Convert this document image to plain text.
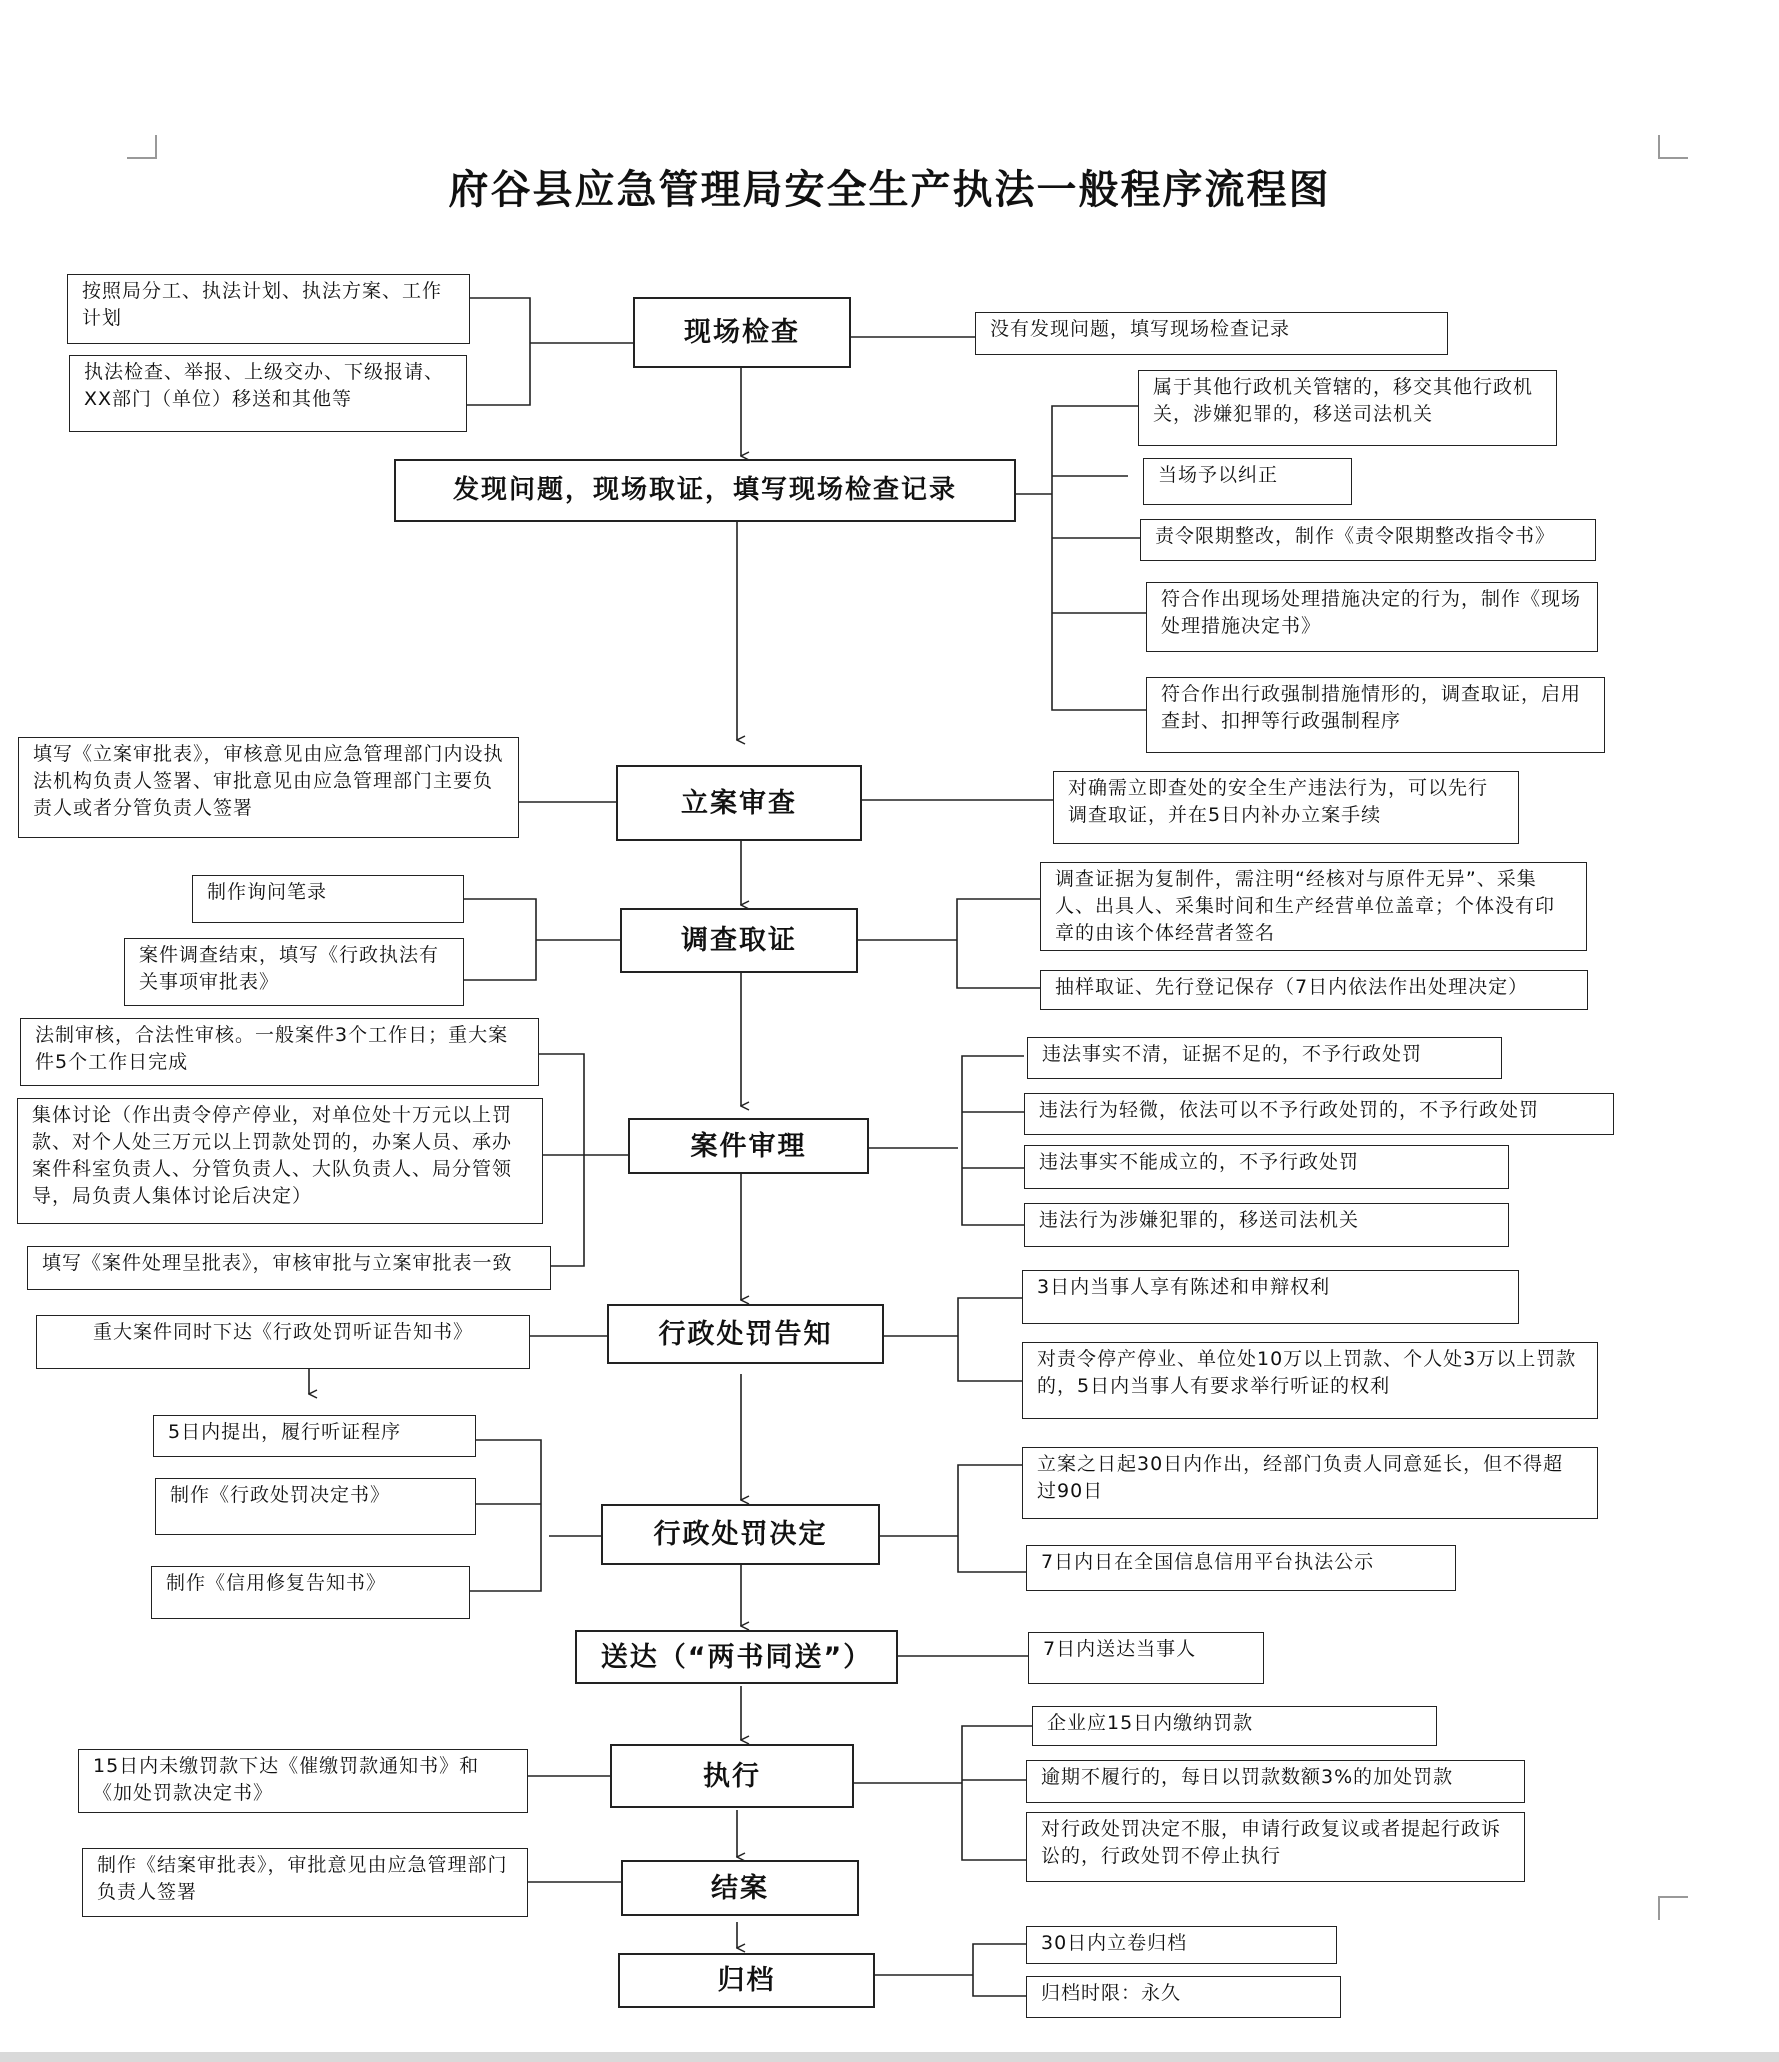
府谷县应急管理局安全生产执法一般程序流程图
现场检查
发现问题，现场取证，填写现场检查记录
立案审查
调查取证
案件审理
行政处罚告知
行政处罚决定
送达（“两书同送”）
执行
结案
归档
按照局分工、执法计划、执法方案、工作计划
执法检查、举报、上级交办、下级报请、XX部门（单位）移送和其他等
没有发现问题，填写现场检查记录
属于其他行政机关管辖的，移交其他行政机关，涉嫌犯罪的，移送司法机关
当场予以纠正
责令限期整改，制作《责令限期整改指令书》
符合作出现场处理措施决定的行为，制作《现场处理措施决定书》
符合作出行政强制措施情形的，调查取证，启用查封、扣押等行政强制程序
填写《立案审批表》，审核意见由应急管理部门内设执法机构负责人签署、审批意见由应急管理部门主要负责人或者分管负责人签署
对确需立即查处的安全生产违法行为，可以先行调查取证，并在5日内补办立案手续
制作询问笔录
案件调查结束，填写《行政执法有关事项审批表》
调查证据为复制件，需注明“经核对与原件无异”、采集人、出具人、采集时间和生产经营单位盖章；个体没有印章的由该个体经营者签名
抽样取证、先行登记保存（7日内依法作出处理决定）
法制审核，合法性审核。一般案件3个工作日；重大案件5个工作日完成
集体讨论（作出责令停产停业，对单位处十万元以上罚款、对个人处三万元以上罚款处罚的，办案人员、承办案件科室负责人、分管负责人、大队负责人、局分管领导，局负责人集体讨论后决定）
填写《案件处理呈批表》，审核审批与立案审批表一致
违法事实不清，证据不足的，不予行政处罚
违法行为轻微，依法可以不予行政处罚的，不予行政处罚
违法事实不能成立的，不予行政处罚
违法行为涉嫌犯罪的，移送司法机关
重大案件同时下达《行政处罚听证告知书》
3日内当事人享有陈述和申辩权利
对责令停产停业、单位处10万以上罚款、个人处3万以上罚款的，5日内当事人有要求举行听证的权利
5日内提出，履行听证程序
制作《行政处罚决定书》
制作《信用修复告知书》
立案之日起30日内作出，经部门负责人同意延长，但不得超过90日
7日内日在全国信息信用平台执法公示
7日内送达当事人
15日内未缴罚款下达《催缴罚款通知书》和《加处罚款决定书》
企业应15日内缴纳罚款
逾期不履行的，每日以罚款数额3%的加处罚款
对行政处罚决定不服，申请行政复议或者提起行政诉讼的，行政处罚不停止执行
制作《结案审批表》，审批意见由应急管理部门负责人签署
30日内立卷归档
归档时限：永久
